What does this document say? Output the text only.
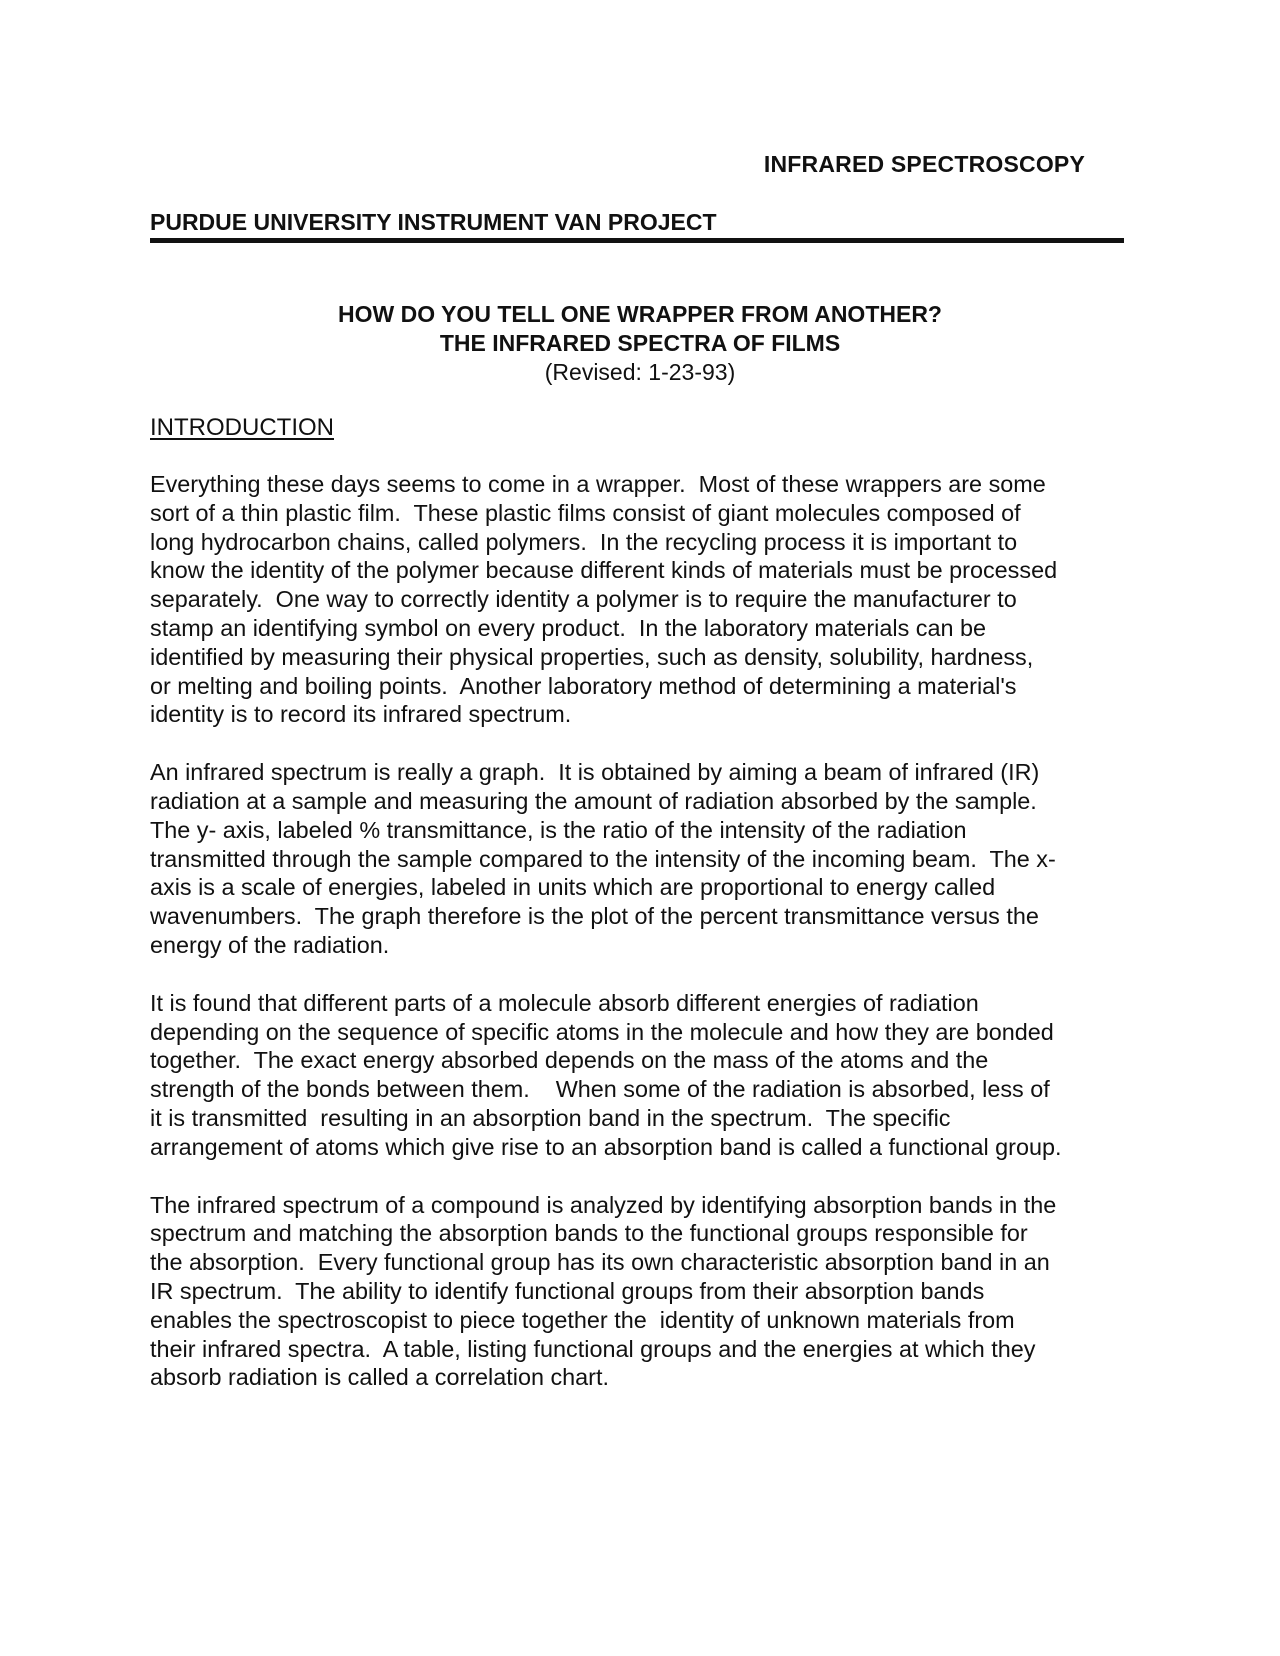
INFRARED SPECTROSCOPY
PURDUE UNIVERSITY INSTRUMENT VAN PROJECT
HOW DO YOU TELL ONE WRAPPER FROM ANOTHER?
THE INFRARED SPECTRA OF FILMS
(Revised: 1-23-93)
INTRODUCTION

Everything these days seems to come in a wrapper.  Most of these wrappers are some
sort of a thin plastic film.  These plastic films consist of giant molecules composed of
long hydrocarbon chains, called polymers.  In the recycling process it is important to
know the identity of the polymer because different kinds of materials must be processed
separately.  One way to correctly identity a polymer is to require the manufacturer to
stamp an identifying symbol on every product.  In the laboratory materials can be
identified by measuring their physical properties, such as density, solubility, hardness,
or melting and boiling points.  Another laboratory method of determining a material's
identity is to record its infrared spectrum.

An infrared spectrum is really a graph.  It is obtained by aiming a beam of infrared (IR)
radiation at a sample and measuring the amount of radiation absorbed by the sample.
The y- axis, labeled % transmittance, is the ratio of the intensity of the radiation
transmitted through the sample compared to the intensity of the incoming beam.  The x-
axis is a scale of energies, labeled in units which are proportional to energy called
wavenumbers.  The graph therefore is the plot of the percent transmittance versus the
energy of the radiation.

It is found that different parts of a molecule absorb different energies of radiation
depending on the sequence of specific atoms in the molecule and how they are bonded
together.  The exact energy absorbed depends on the mass of the atoms and the
strength of the bonds between them.    When some of the radiation is absorbed, less of
it is transmitted  resulting in an absorption band in the spectrum.  The specific
arrangement of atoms which give rise to an absorption band is called a functional group.

The infrared spectrum of a compound is analyzed by identifying absorption bands in the
spectrum and matching the absorption bands to the functional groups responsible for
the absorption.  Every functional group has its own characteristic absorption band in an
IR spectrum.  The ability to identify functional groups from their absorption bands
enables the spectroscopist to piece together the  identity of unknown materials from
their infrared spectra.  A table, listing functional groups and the energies at which they
absorb radiation is called a correlation chart.
